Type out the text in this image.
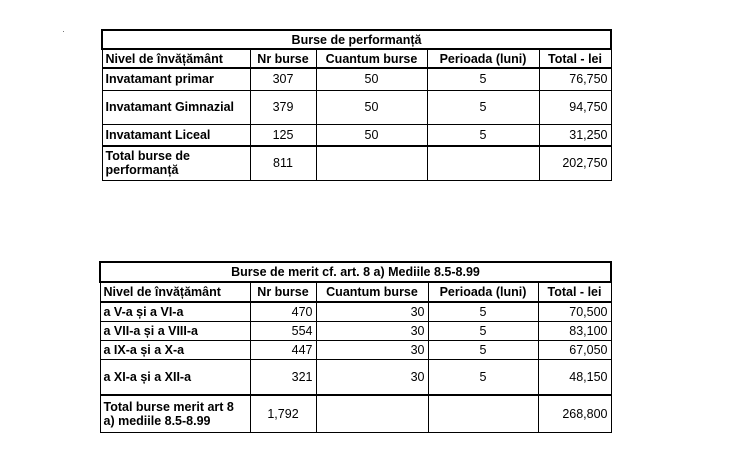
Burse de performanță				
Nivel de învățământ	Nr burse	Cuantum burse	Perioada (luni)	Total - lei
Invatamant primar	307	50	5	76,750
Invatamant Gimnazial	379	50	5	94,750
Invatamant Liceal	125	50	5	31,250
Total burse de performanță	811			202,750
Burse de merit cf. art. 8 a) Mediile 8.5-8.99				
Nivel de învățământ	Nr burse	Cuantum burse	Perioada (luni)	Total - lei
a V-a și a VI-a	470	30	5	70,500
a VII-a și a VIII-a	554	30	5	83,100
a IX-a și a X-a	447	30	5	67,050
a XI-a și a XII-a	321	30	5	48,150
Total burse merit art 8 a) mediile 8.5-8.99	1,792			268,800
